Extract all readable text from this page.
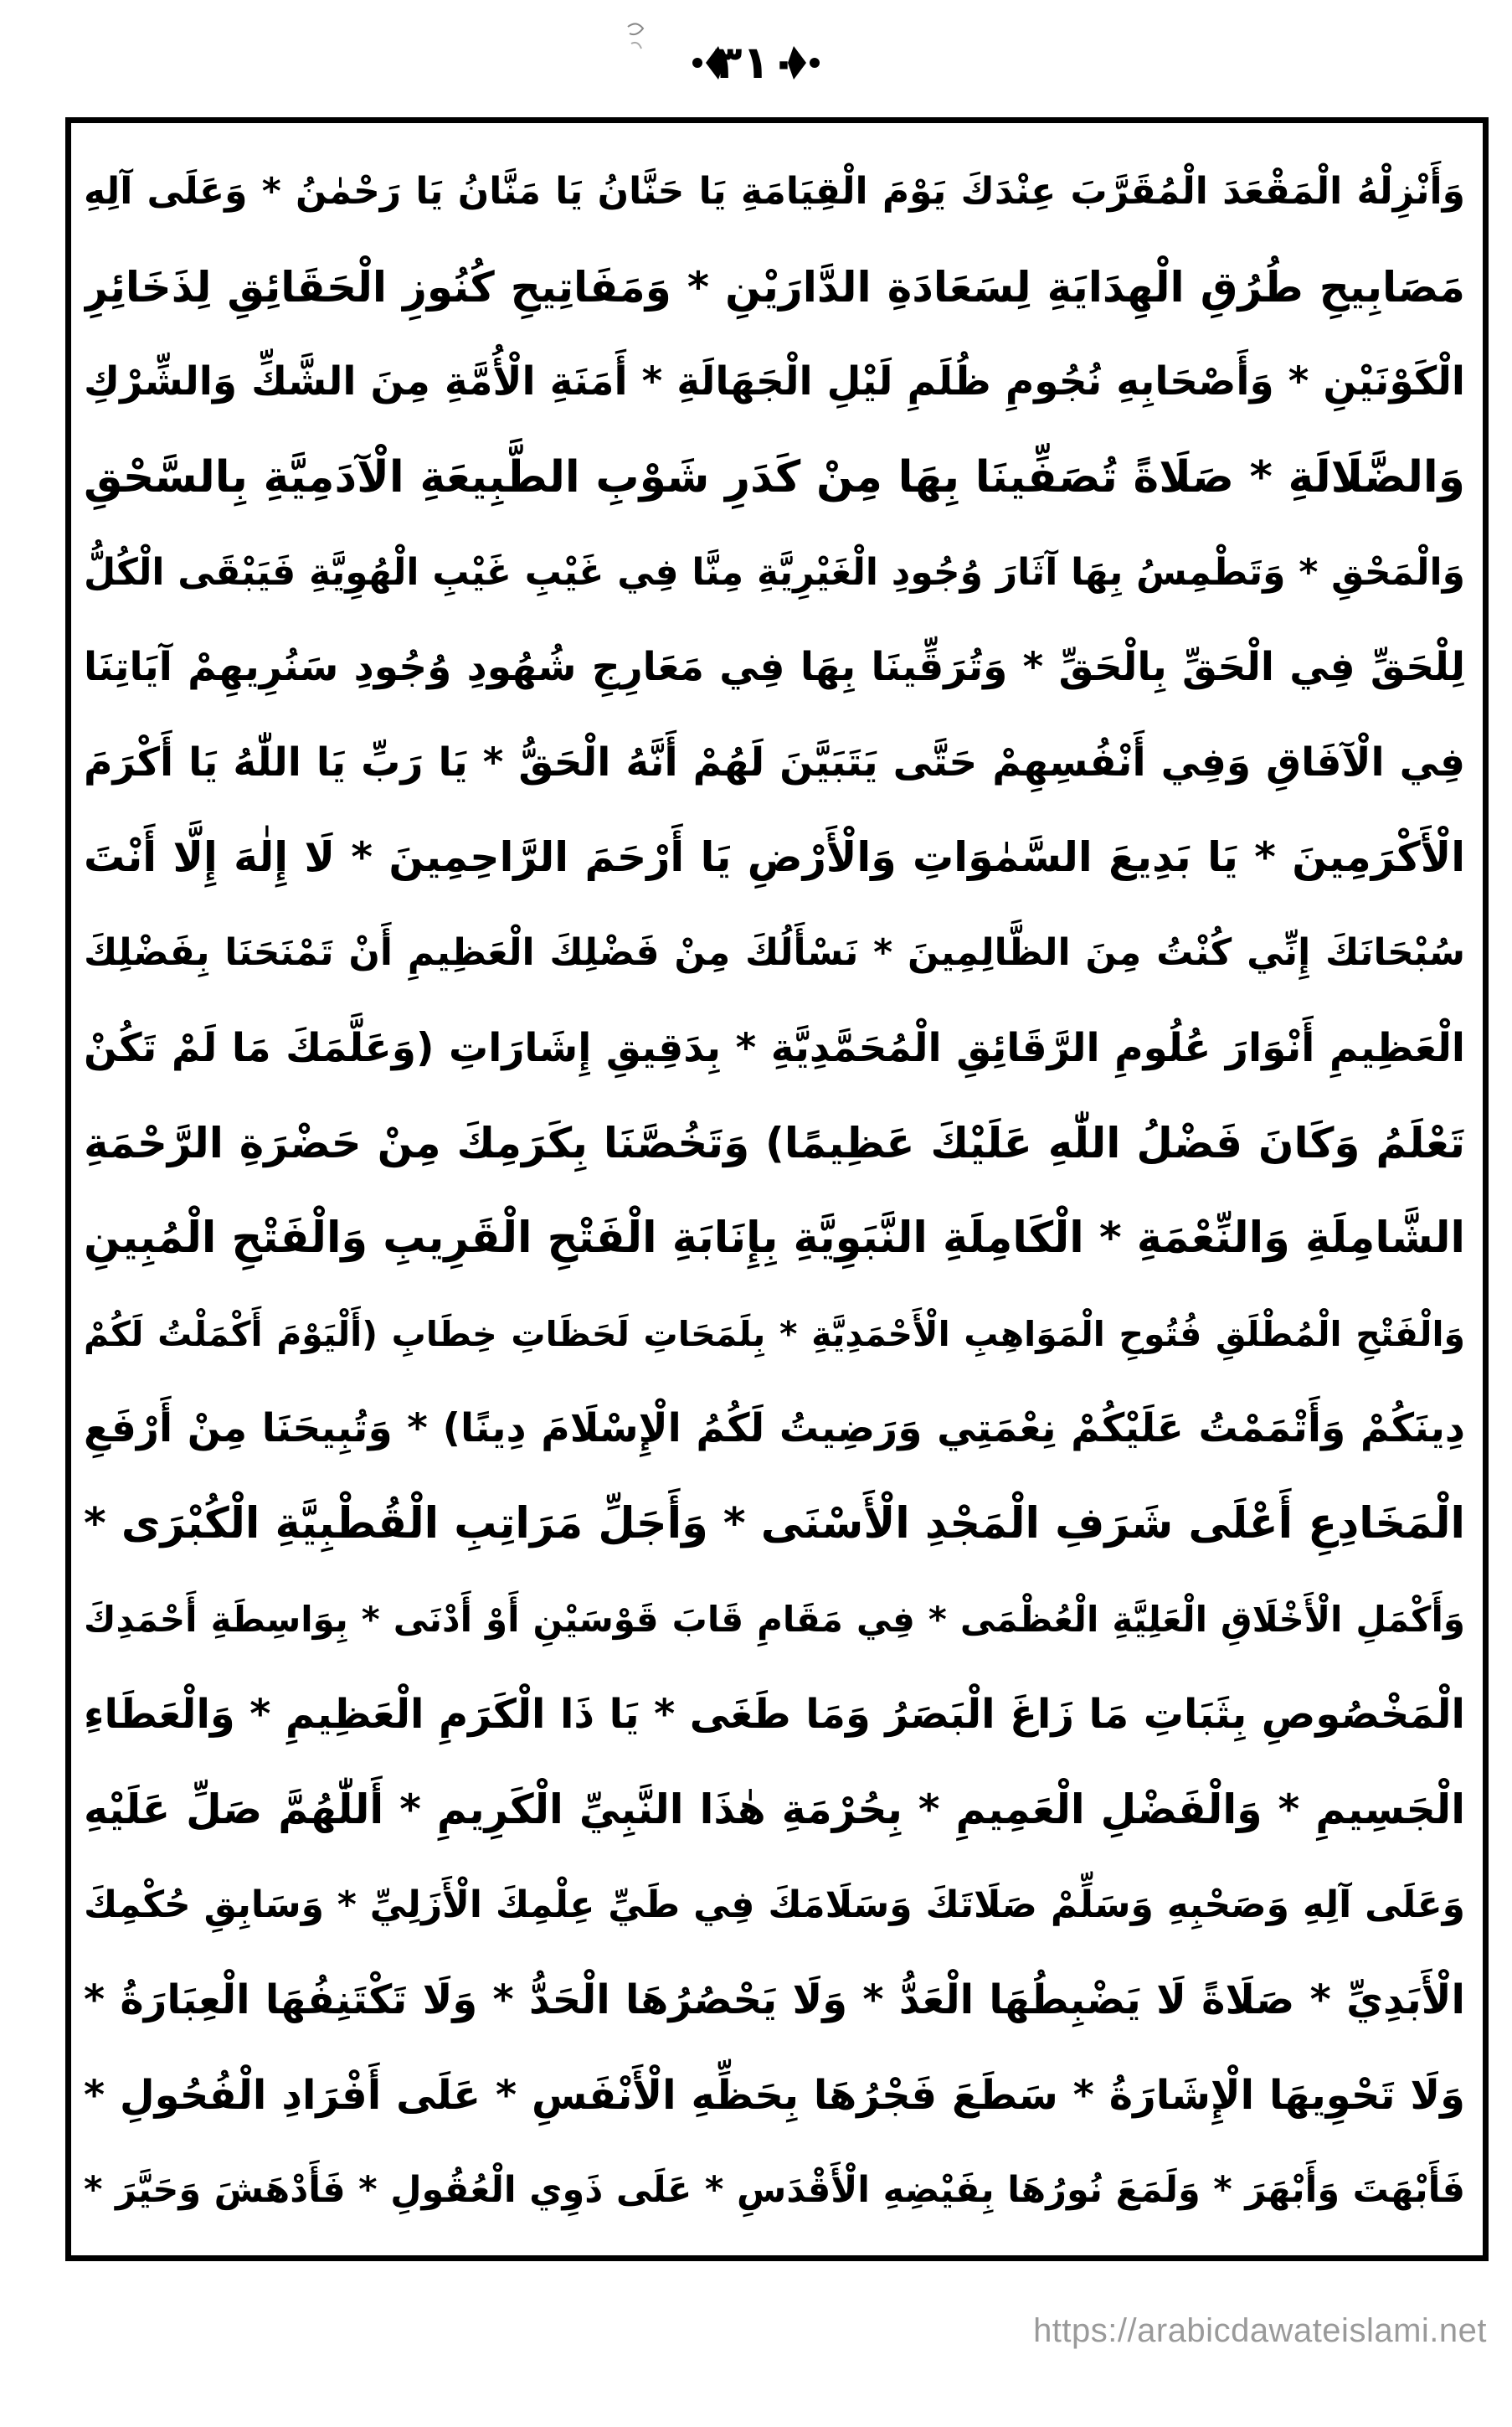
٣١٠
وَأَنْزِلْهُ الْمَقْعَدَ الْمُقَرَّبَ عِنْدَكَ يَوْمَ الْقِيَامَةِ يَا حَنَّانُ يَا مَنَّانُ يَا رَحْمٰنُ * وَعَلَى آلِهِ
مَصَابِيحِ طُرُقِ الْهِدَايَةِ لِسَعَادَةِ الدَّارَيْنِ * وَمَفَاتِيحِ كُنُوزِ الْحَقَائِقِ لِذَخَائِرِ
الْكَوْنَيْنِ * وَأَصْحَابِهِ نُجُومِ ظُلَمِ لَيْلِ الْجَهَالَةِ * أَمَنَةِ الْأُمَّةِ مِنَ الشَّكِّ وَالشِّرْكِ
وَالضَّلَالَةِ * صَلَاةً تُصَفِّينَا بِهَا مِنْ كَدَرِ شَوْبِ الطَّبِيعَةِ الْآدَمِيَّةِ بِالسَّحْقِ
وَالْمَحْقِ * وَتَطْمِسُ بِهَا آثَارَ وُجُودِ الْغَيْرِيَّةِ مِنَّا فِي غَيْبِ غَيْبِ الْهُوِيَّةِ فَيَبْقَى الْكُلُّ
لِلْحَقِّ فِي الْحَقِّ بِالْحَقِّ * وَتُرَقِّينَا بِهَا فِي مَعَارِجِ شُهُودِ وُجُودِ سَنُرِيهِمْ آيَاتِنَا
فِي الْآفَاقِ وَفِي أَنْفُسِهِمْ حَتَّى يَتَبَيَّنَ لَهُمْ أَنَّهُ الْحَقُّ * يَا رَبِّ يَا اللّٰهُ يَا أَكْرَمَ
الْأَكْرَمِينَ * يَا بَدِيعَ السَّمٰوَاتِ وَالْأَرْضِ يَا أَرْحَمَ الرَّاحِمِينَ * لَا إِلٰهَ إِلَّا أَنْتَ
سُبْحَانَكَ إِنِّي كُنْتُ مِنَ الظَّالِمِينَ * نَسْأَلُكَ مِنْ فَضْلِكَ الْعَظِيمِ أَنْ تَمْنَحَنَا بِفَضْلِكَ
الْعَظِيمِ أَنْوَارَ عُلُومِ الرَّقَائِقِ الْمُحَمَّدِيَّةِ * بِدَقِيقِ إِشَارَاتِ (وَعَلَّمَكَ مَا لَمْ تَكُنْ
تَعْلَمُ وَكَانَ فَضْلُ اللّٰهِ عَلَيْكَ عَظِيمًا) وَتَخُصَّنَا بِكَرَمِكَ مِنْ حَضْرَةِ الرَّحْمَةِ
الشَّامِلَةِ وَالنِّعْمَةِ * الْكَامِلَةِ النَّبَوِيَّةِ بِإِنَابَةِ الْفَتْحِ الْقَرِيبِ وَالْفَتْحِ الْمُبِينِ
وَالْفَتْحِ الْمُطْلَقِ فُتُوحِ الْمَوَاهِبِ الْأَحْمَدِيَّةِ * بِلَمَحَاتِ لَحَظَاتِ خِطَابِ (أَلْيَوْمَ أَكْمَلْتُ لَكُمْ
دِينَكُمْ وَأَتْمَمْتُ عَلَيْكُمْ نِعْمَتِي وَرَضِيتُ لَكُمُ الْإِسْلَامَ دِينًا) * وَتُبِيحَنَا مِنْ أَرْفَعِ
الْمَخَادِعِ أَعْلَى شَرَفِ الْمَجْدِ الْأَسْنَى * وَأَجَلِّ مَرَاتِبِ الْقُطْبِيَّةِ الْكُبْرَى *
وَأَكْمَلِ الْأَخْلَاقِ الْعَلِيَّةِ الْعُظْمَى * فِي مَقَامِ قَابَ قَوْسَيْنِ أَوْ أَدْنَى * بِوَاسِطَةِ أَحْمَدِكَ
الْمَخْصُوصِ بِثَبَاتِ مَا زَاغَ الْبَصَرُ وَمَا طَغَى * يَا ذَا الْكَرَمِ الْعَظِيمِ * وَالْعَطَاءِ
الْجَسِيمِ * وَالْفَضْلِ الْعَمِيمِ * بِحُرْمَةِ هٰذَا النَّبِيِّ الْكَرِيمِ * أَللّٰهُمَّ صَلِّ عَلَيْهِ
وَعَلَى آلِهِ وَصَحْبِهِ وَسَلِّمْ صَلَاتَكَ وَسَلَامَكَ فِي طَيِّ عِلْمِكَ الْأَزَلِيِّ * وَسَابِقِ حُكْمِكَ
الْأَبَدِيِّ * صَلَاةً لَا يَضْبِطُهَا الْعَدُّ * وَلَا يَحْصُرُهَا الْحَدُّ * وَلَا تَكْتَنِفُهَا الْعِبَارَةُ *
وَلَا تَحْوِيهَا الْإِشَارَةُ * سَطَعَ فَجْرُهَا بِحَظِّهِ الْأَنْفَسِ * عَلَى أَفْرَادِ الْفُحُولِ *
فَأَبْهَتَ وَأَبْهَرَ * وَلَمَعَ نُورُهَا بِفَيْضِهِ الْأَقْدَسِ * عَلَى ذَوِي الْعُقُولِ * فَأَدْهَشَ وَحَيَّرَ *
https://arabicdawateislami.net
